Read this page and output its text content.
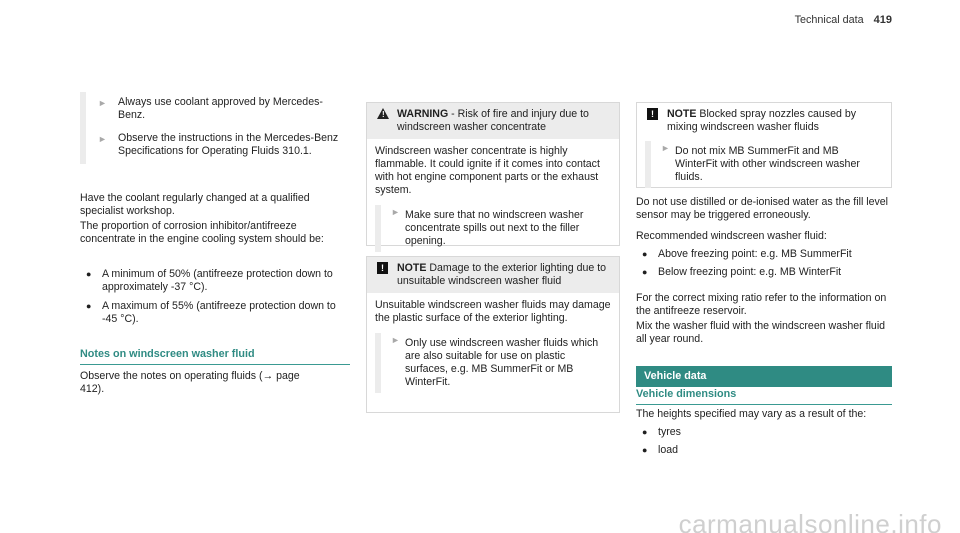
Technical data 419
► Always use coolant approved by Mercedes-Benz.
► Observe the instructions in the Mercedes-Benz Specifications for Operating Fluids 310.1.

Have the coolant regularly changed at a qualified specialist workshop.

The proportion of corrosion inhibitor/antifreeze concentrate in the engine cooling system should be:

● A minimum of 50% (antifreeze protection down to approximately -37 °C).
● A maximum of 55% (antifreeze protection down to -45 °C).
Notes on windscreen washer fluid

Observe the notes on operating fluids (→ page 412).

! WARNING - Risk of fire and injury due to windscreen washer concentrate

Windscreen washer concentrate is highly flammable. It could ignite if it comes into contact with hot engine component parts or the exhaust system.

► Make sure that no windscreen washer concentrate spills out next to the filler opening.
!	NOTE Damage to the exterior lighting due to unsuitable windscreen washer fluid

Unsuitable windscreen washer fluids may damage the plastic surface of the exterior lighting.

► Only use windscreen washer fluids which are also suitable for use on plastic surfaces, e.g. MB SummerFit or MB WinterFit.
!	NOTE Blocked spray nozzles caused by mixing windscreen washer fluids
► Do not mix MB SummerFit and MB WinterFit with other windscreen washer fluids.

Do not use distilled or de-ionised water as the fill level sensor may be triggered erroneously.

Recommended windscreen washer fluid:

● Above freezing point: e.g. MB SummerFit
● Below freezing point: e.g. MB WinterFit

For the correct mixing ratio refer to the information on the antifreeze reservoir.

Mix the washer fluid with the windscreen washer fluid all year round.

Vehicle data
Vehicle dimensions

The heights specified may vary as a result of the:

● tyres
● load
carmanualsonline.info
